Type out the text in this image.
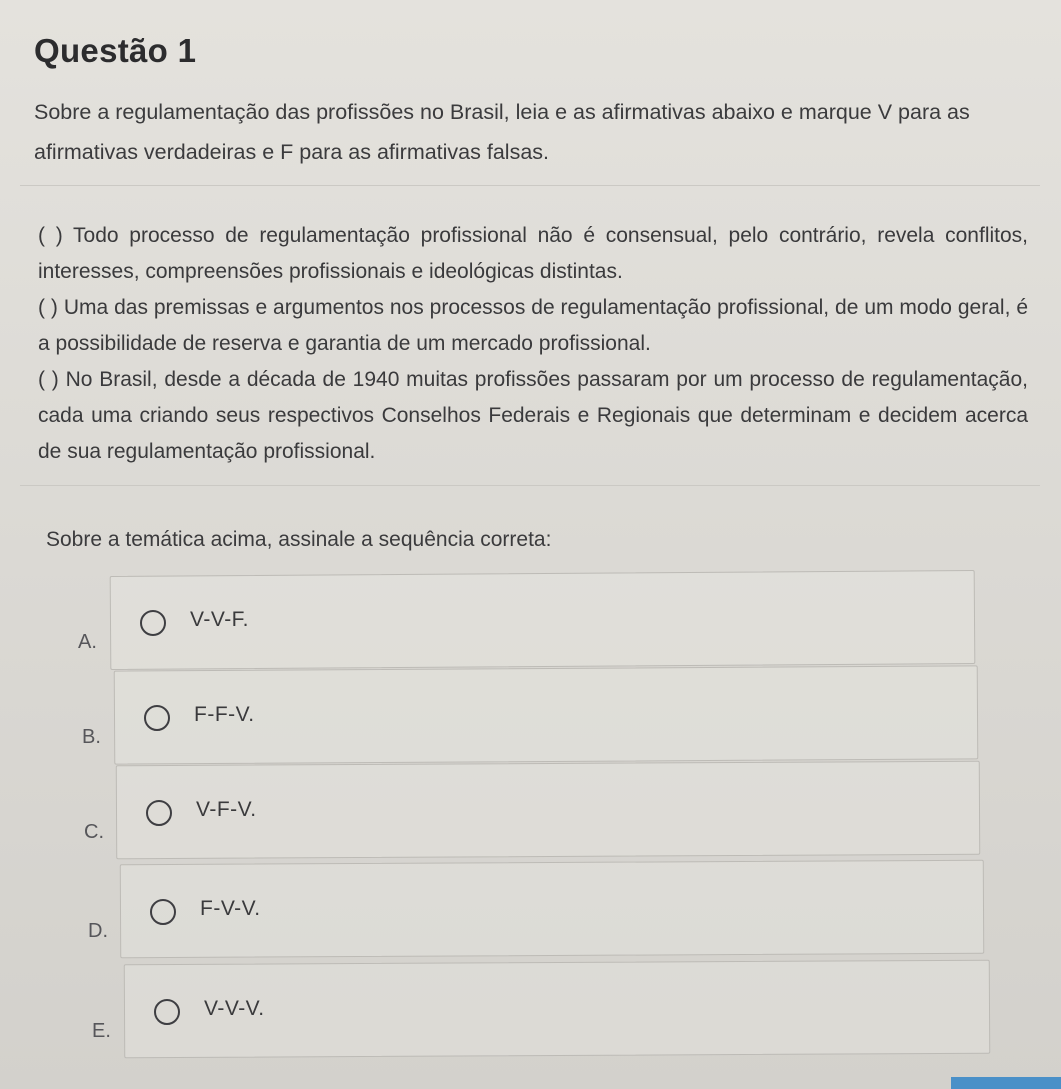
Questão 1

Sobre a regulamentação das profissões no Brasil, leia e as afirmativas abaixo e marque V para as afirmativas verdadeiras e F para as afirmativas falsas.

( ) Todo processo de regulamentação profissional não é consensual, pelo contrário, revela conflitos, interesses, compreensões profissionais e ideológicas distintas.

( ) Uma das premissas e argumentos nos processos de regulamentação profissional, de um modo geral, é a possibilidade de reserva e garantia de um mercado profissional.

( ) No Brasil, desde a década de 1940 muitas profissões passaram por um processo de regulamentação, cada uma criando seus respectivos Conselhos Federais e Regionais que determinam e decidem acerca de sua regulamentação profissional.

Sobre a temática acima, assinale a sequência correta:

A.
V-V-F.
B.
F-F-V.
C.
V-F-V.
D.
F-V-V.
E.
V-V-V.
